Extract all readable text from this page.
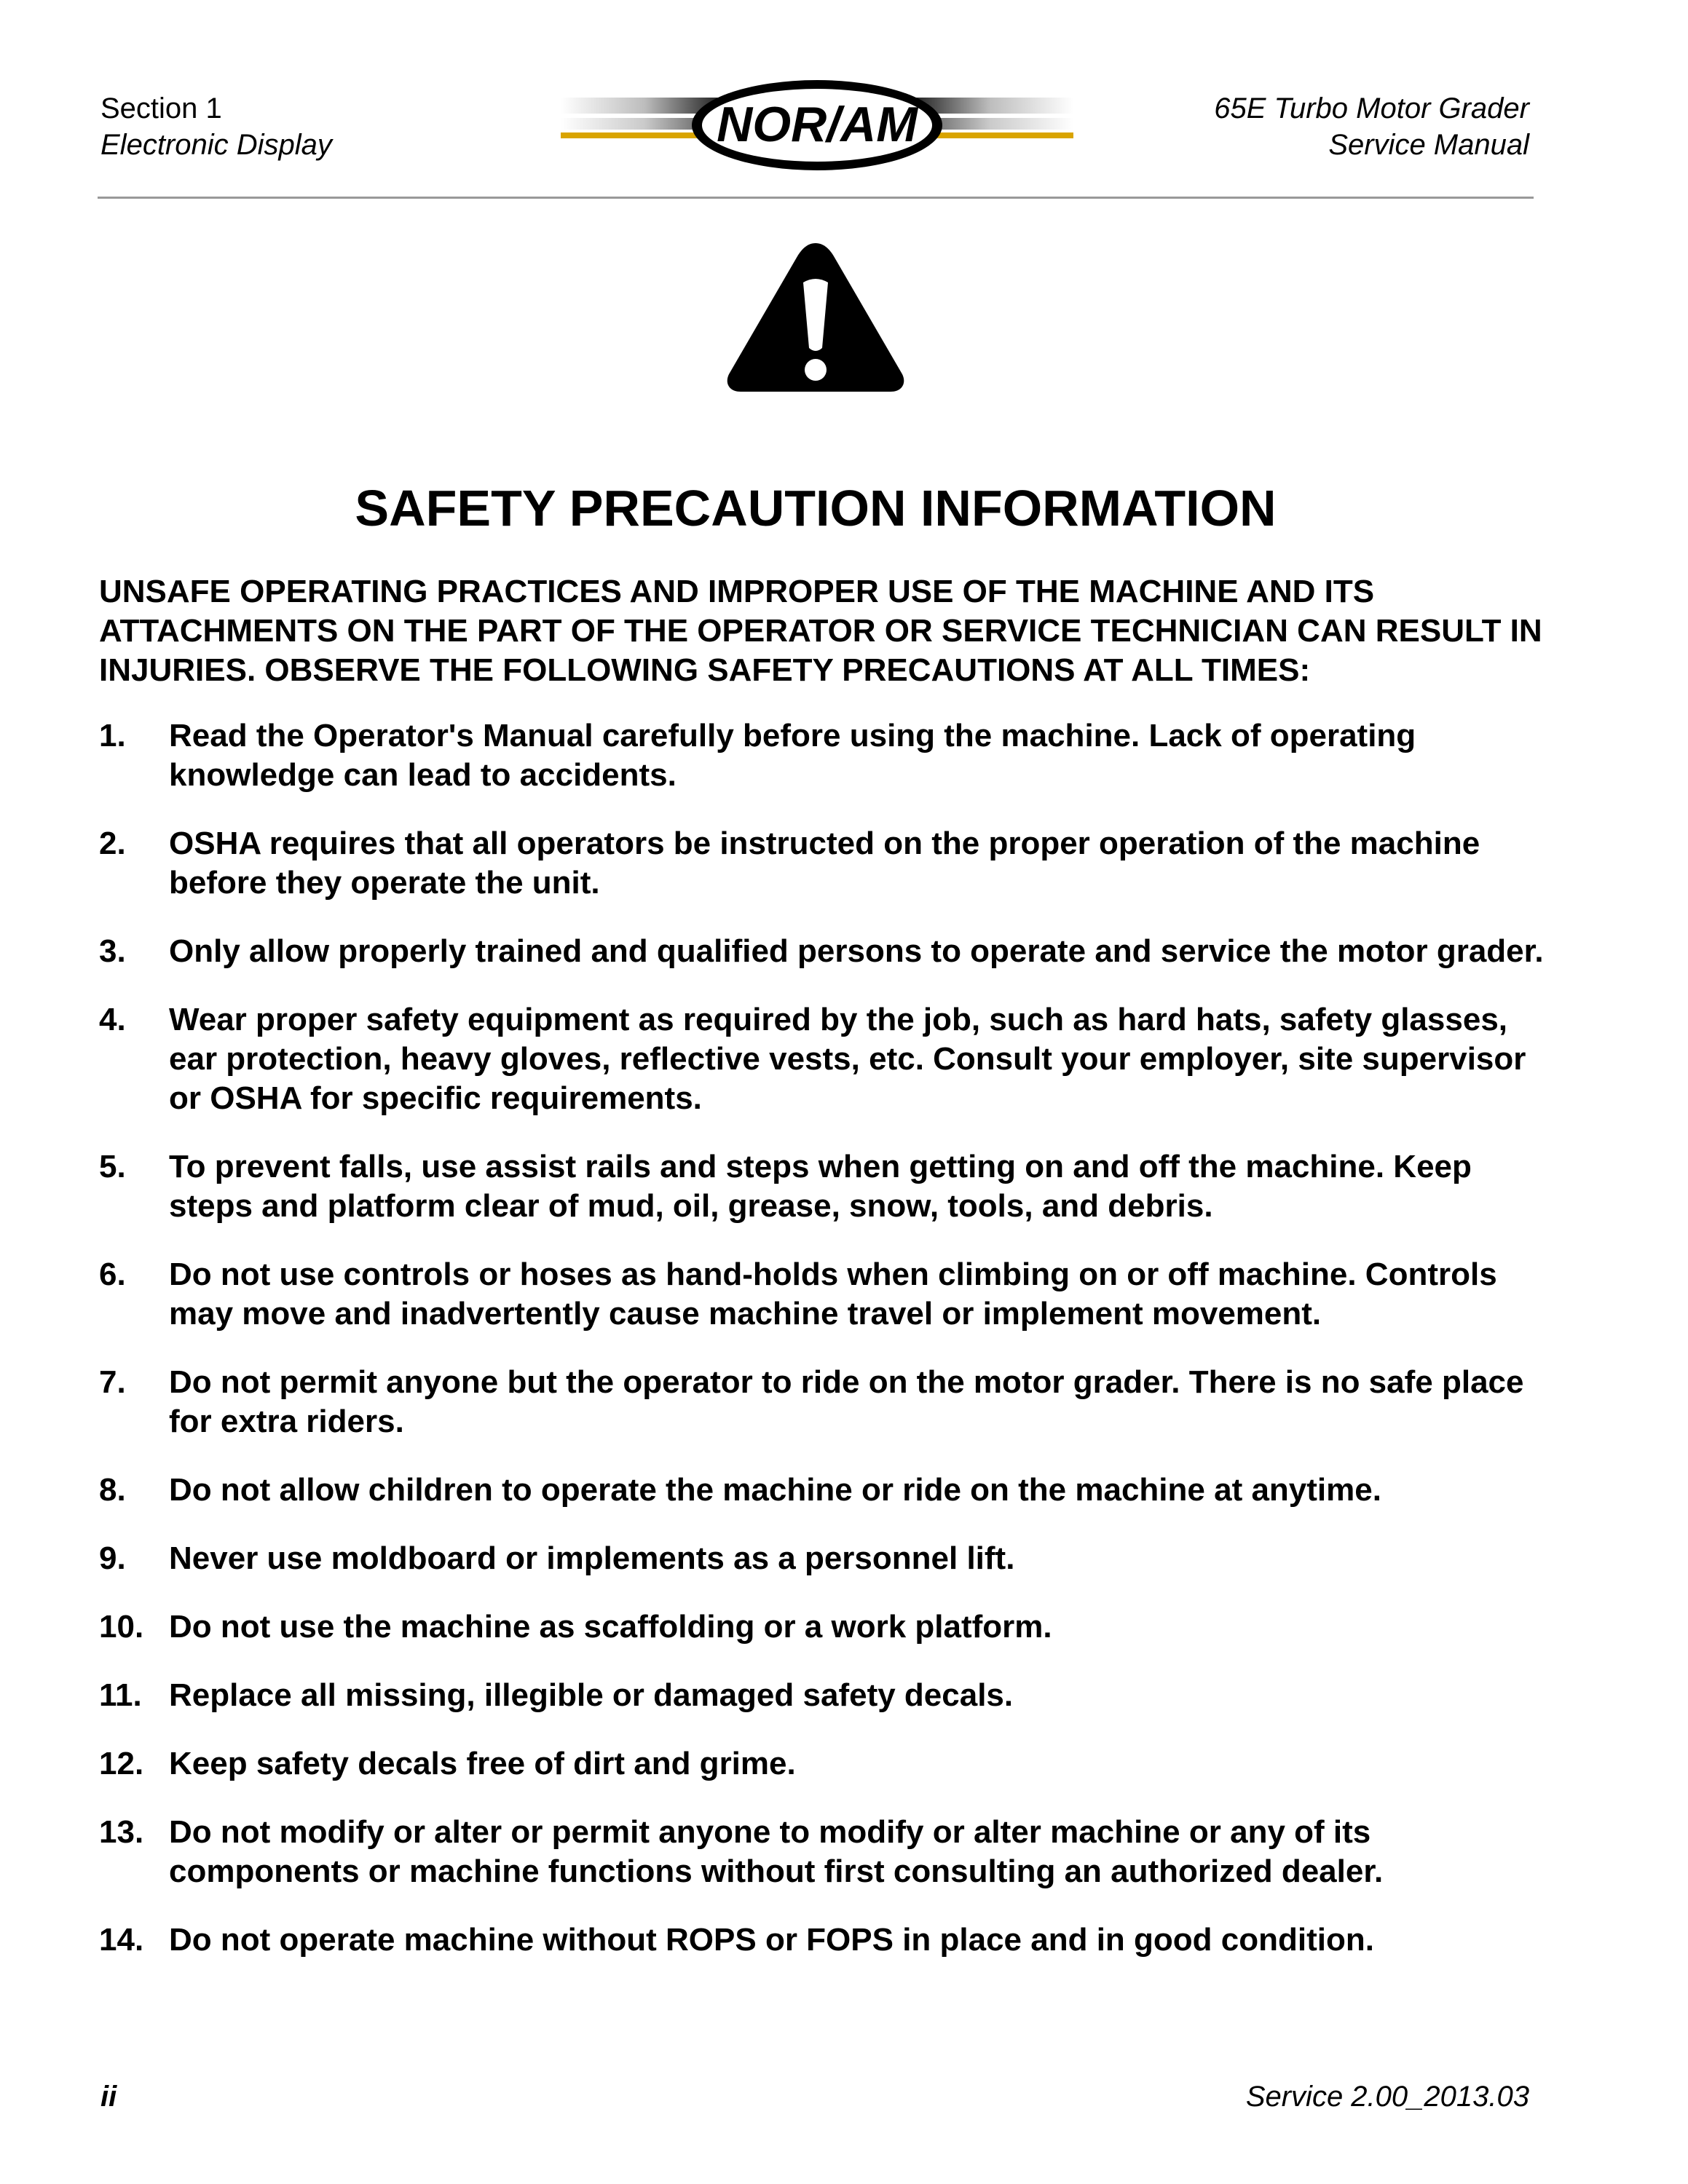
Section 1
Electronic Display	NOR/AM	65E Turbo Motor Grader
Service Manual
SAFETY PRECAUTION INFORMATION
UNSAFE OPERATING PRACTICES AND IMPROPER USE OF THE MACHINE AND ITS ATTACHMENTS ON THE PART OF THE OPERATOR OR SERVICE TECHNICIAN CAN RESULT IN INJURIES. OBSERVE THE FOLLOWING SAFETY PRECAUTIONS AT ALL TIMES:
1. Read the Operator's Manual carefully before using the machine. Lack of operating knowledge can lead to accidents.
2. OSHA requires that all operators be instructed on the proper operation of the machine before they operate the unit.
3. Only allow properly trained and qualified persons to operate and service the motor grader.
4. Wear proper safety equipment as required by the job, such as hard hats, safety glasses, ear protection, heavy gloves, reflective vests, etc. Consult your employer, site supervisor or OSHA for specific requirements.
5. To prevent falls, use assist rails and steps when getting on and off the machine. Keep steps and platform clear of mud, oil, grease, snow, tools, and debris.
6. Do not use controls or hoses as hand-holds when climbing on or off machine. Controls may move and inadvertently cause machine travel or implement movement.
7. Do not permit anyone but the operator to ride on the motor grader. There is no safe place for extra riders.
8. Do not allow children to operate the machine or ride on the machine at anytime.
9. Never use moldboard or implements as a personnel lift.
10. Do not use the machine as scaffolding or a work platform.
11. Replace all missing, illegible or damaged safety decals.
12. Keep safety decals free of dirt and grime.
13. Do not modify or alter or permit anyone to modify or alter machine or any of its components or machine functions without first consulting an authorized dealer.
14. Do not operate machine without ROPS or FOPS in place and in good condition.
ii	Service 2.00_2013.03
